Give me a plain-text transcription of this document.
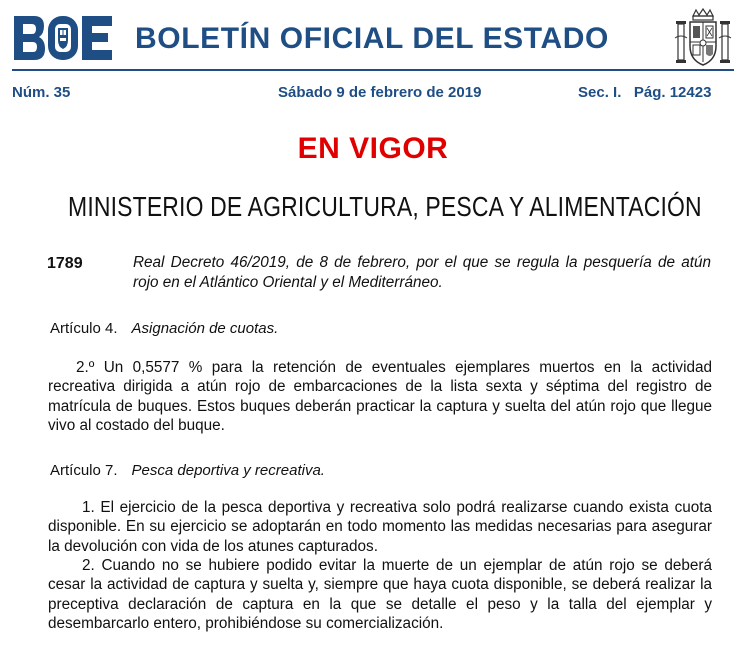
BOLETÍN OFICIAL DEL ESTADO
Núm. 35	Sábado 9 de febrero de 2019	Sec. I.   Pág. 12423
EN VIGOR
MINISTERIO DE AGRICULTURA, PESCA Y ALIMENTACIÓN
1789	Real Decreto 46/2019, de 8 de febrero, por el que se regula la pesquería de atún rojo en el Atlántico Oriental y el Mediterráneo.
Artículo 4. Asignación de cuotas.
2.º Un 0,5577 % para la retención de eventuales ejemplares muertos en la actividad recreativa dirigida a atún rojo de embarcaciones de la lista sexta y séptima del registro de matrícula de buques. Estos buques deberán practicar la captura y suelta del atún rojo que llegue vivo al costado del buque.
Artículo 7. Pesca deportiva y recreativa.
1. El ejercicio de la pesca deportiva y recreativa solo podrá realizarse cuando exista cuota disponible. En su ejercicio se adoptarán en todo momento las medidas necesarias para asegurar la devolución con vida de los atunes capturados.
2. Cuando no se hubiere podido evitar la muerte de un ejemplar de atún rojo se deberá cesar la actividad de captura y suelta y, siempre que haya cuota disponible, se deberá realizar la preceptiva declaración de captura en la que se detalle el peso y la talla del ejemplar y desembarcarlo entero, prohibiéndose su comercialización.
